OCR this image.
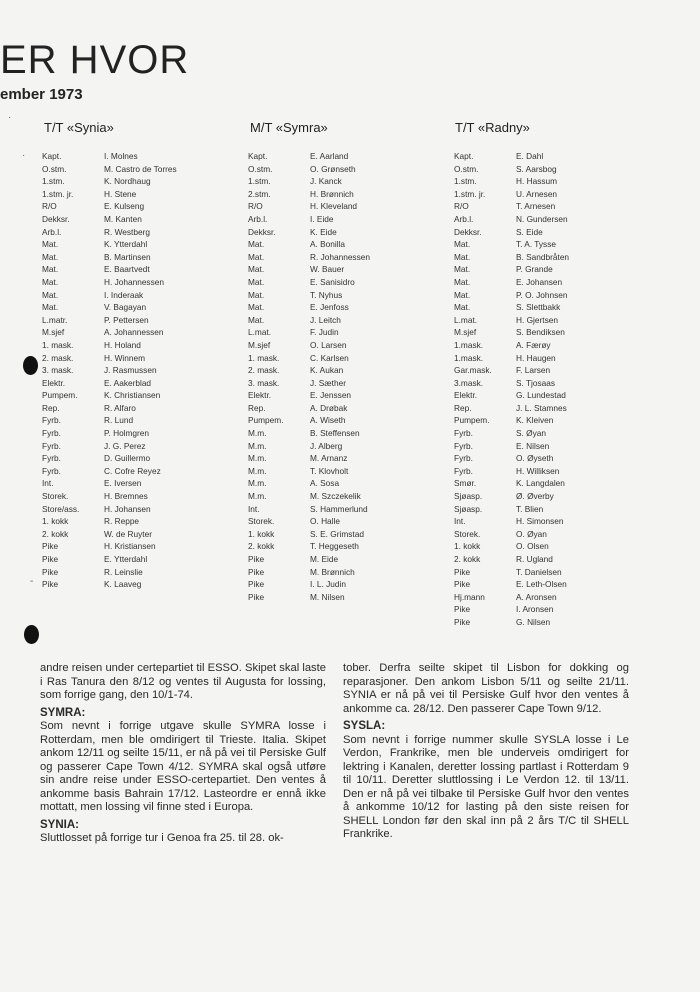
ER HVOR
ember 1973
T/T «Synia»	M/T «Symra»	T/T «Radny»
Kapt.	I. Molnes
O.stm.	M. Castro de Torres
1.stm.	K. Nordhaug
1.stm. jr.	H. Stene
R/O	E. Kulseng
Dekksr.	M. Kanten
Arb.l.	R. Westberg
Mat.	K. Ytterdahl
Mat.	B. Martinsen
Mat.	E. Baartvedt
Mat.	H. Johannessen
Mat.	I. Inderaak
Mat.	V. Bagayan
L.matr.	P. Pettersen
M.sjef	A. Johannessen
1. mask.	H. Holand
2. mask.	H. Winnem
3. mask.	J. Rasmussen
Elektr.	E. Aakerblad
Pumpem.	K. Christiansen
Rep.	R. Alfaro
Fyrb.	R. Lund
Fyrb.	P. Holmgren
Fyrb.	J. G. Perez
Fyrb.	D. Guillermo
Fyrb.	C. Cofre Reyez
Int.	E. Iversen
Storek.	H. Bremnes
Store/ass.	H. Johansen
1. kokk	R. Reppe
2. kokk	W. de Ruyter
Pike	H. Kristiansen
Pike	E. Ytterdahl
Pike	R. Leinslie
Pike	K. Laaveg
Kapt.	E. Aarland
O.stm.	O. Grønseth
1.stm.	J. Kanck
2.stm.	H. Brønnich
R/O	H. Kleveland
Arb.l.	I. Eide
Dekksr.	K. Eide
Mat.	A. Bonilla
Mat.	R. Johannessen
Mat.	W. Bauer
Mat.	E. Sanisidro
Mat.	T. Nyhus
Mat.	E. Jenfoss
Mat.	J. Leitch
L.mat.	F. Judin
M.sjef	O. Larsen
1. mask.	C. Karlsen
2. mask.	K. Aukan
3. mask.	J. Sæther
Elektr.	E. Jenssen
Rep.	A. Drøbak
Pumpem.	A. Wiseth
M.m.	B. Steffensen
M.m.	J. Alberg
M.m.	M. Arnanz
M.m.	T. Klovholt
M.m.	A. Sosa
M.m.	M. Szczekelik
Int.	S. Hammerlund
Storek.	O. Halle
1. kokk	S. E. Grimstad
2. kokk	T. Heggeseth
Pike	M. Eide
Pike	M. Brønnich
Pike	I. L. Judin
Pike	M. Nilsen
Kapt.	E. Dahl
O.stm.	S. Aarsbog
1.stm.	H. Hassum
1.stm. jr.	U. Arnesen
R/O	T. Arnesen
Arb.l.	N. Gundersen
Dekksr.	S. Eide
Mat.	T. A. Tysse
Mat.	B. Sandbråten
Mat.	P. Grande
Mat.	E. Johansen
Mat.	P. O. Johnsen
Mat.	S. Slettbakk
L.mat.	H. Gjertsen
M.sjef	S. Bendiksen
1.mask.	A. Færøy
1.mask.	H. Haugen
Gar.mask.	F. Larsen
3.mask.	S. Tjosaas
Elektr.	G. Lundestad
Rep.	J. L. Stamnes
Pumpem.	K. Kleiven
Fyrb.	S. Øyan
Fyrb.	E. Nilsen
Fyrb.	O. Øyseth
Fyrb.	H. Williksen
Smør.	K. Langdalen
Sjøasp.	Ø. Øverby
Sjøasp.	T. Blien
Int.	H. Simonsen
Storek.	O. Øyan
1. kokk	O. Olsen
2. kokk	R. Ugland
Pike	T. Danielsen
Pike	E. Leth-Olsen
Hj.mann	A. Aronsen
Pike	I. Aronsen
Pike	G. Nilsen
·
·
-

andre reisen under certepartiet til ESSO. Skipet skal laste i Ras Tanura den 8/12 og ventes til Augusta for lossing, som forrige gang, den 10/1-74.

SYMRA:

Som nevnt i forrige utgave skulle SYMRA losse i Rotterdam, men ble omdirigert til Trieste. Italia. Skipet ankom 12/11 og seilte 15/11, er nå på vei til Persiske Gulf og passerer Cape Town 4/12. SYMRA skal også utføre sin andre reise under ESSO-certepartiet. Den ventes å ankomme basis Bahrain 17/12. Lasteordre er ennå ikke mottatt, men lossing vil finne sted i Europa.

SYNIA:

Sluttlosset på forrige tur i Genoa fra 25. til 28. ok-

tober. Derfra seilte skipet til Lisbon for dokking og reparasjoner. Den ankom Lisbon 5/11 og seilte 21/11. SYNIA er nå på vei til Persiske Gulf hvor den ventes å ankomme ca. 28/12. Den passerer Cape Town 9/12.

SYSLA:

Som nevnt i forrige nummer skulle SYSLA losse i Le Verdon, Frankrike, men ble underveis omdirigert for lektring i Kanalen, deretter lossing partlast i Rotterdam 9 til 10/11. Deretter sluttlossing i Le Verdon 12. til 13/11. Den er nå på vei tilbake til Persiske Gulf hvor den ventes å ankomme 10/12 for lasting på den siste reisen for SHELL London før den skal inn på 2 års T/C til SHELL Frankrike.
